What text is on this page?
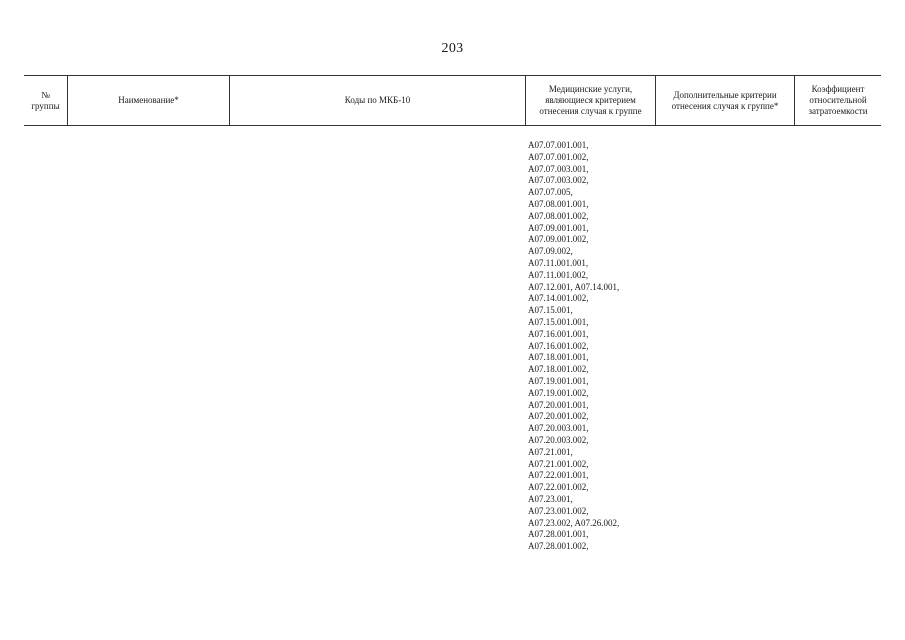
203
№ группы
Наименование*	Коды по МКБ-10
Медицинские услуги, являющиеся критерием отнесения случая к группе
Дополнительные критерии отнесения случая к группе*
Коэффициент относительной затратоемкости
A07.07.001.001,
A07.07.001.002,
A07.07.003.001,
A07.07.003.002,
A07.07.005,
A07.08.001.001,
A07.08.001.002,
A07.09.001.001,
A07.09.001.002,
A07.09.002,
A07.11.001.001,
A07.11.001.002,
A07.12.001, A07.14.001,
A07.14.001.002,
A07.15.001,
A07.15.001.001,
A07.16.001.001,
A07.16.001.002,
A07.18.001.001,
A07.18.001.002,
A07.19.001.001,
A07.19.001.002,
A07.20.001.001,
A07.20.001.002,
A07.20.003.001,
A07.20.003.002,
A07.21.001,
A07.21.001.002,
A07.22.001.001,
A07.22.001.002,
A07.23.001,
A07.23.001.002,
A07.23.002, A07.26.002,
A07.28.001.001,
A07.28.001.002,
